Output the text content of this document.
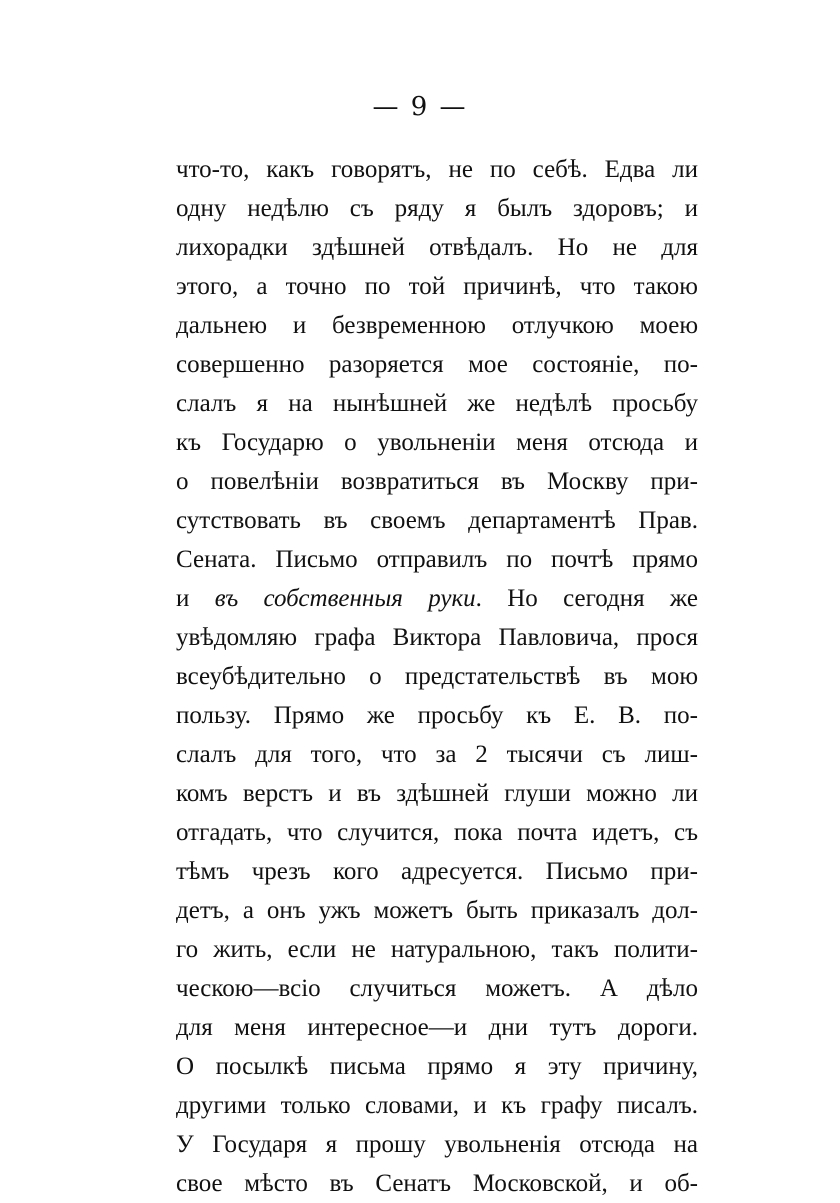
— 9 —
что-то, какъ говорятъ, не по себѣ. Едва ли
одну недѣлю съ ряду я былъ здоровъ; и
лихорадки здѣшней отвѣдалъ. Но не для
этого, а точно по той причинѣ, что такою
дальнею и безвременною отлучкою моею
совершенно разоряется мое состояніе, по-
слалъ я на нынѣшней же недѣлѣ просьбу
къ Государю о увольненіи меня отсюда и
о повелѣніи возвратиться въ Москву при-
сутствовать въ своемъ департаментѣ Прав.
Сената. Письмо отправилъ по почтѣ прямо
и въ собственныя руки. Но сегодня же
увѣдомляю графа Виктора Павловича, прося
всеубѣдительно о предстательствѣ въ мою
пользу. Прямо же просьбу къ Е. В. по-
слалъ для того, что за 2 тысячи съ лиш-
комъ верстъ и въ здѣшней глуши можно ли
отгадать, что случится, пока почта идетъ, съ
тѣмъ чрезъ кого адресуется. Письмо при-
детъ, а онъ ужъ можетъ быть приказалъ дол-
го жить, если не натуральною, такъ полити-
ческою—всіо случиться можетъ. А дѣло
для меня интересное—и дни тутъ дороги.
О посылкѣ письма прямо я эту причину,
другими только словами, и къ графу писалъ.
У Государя я прошу увольненія отсюда на
свое мѣсто въ Сенатъ Московской, и об-
